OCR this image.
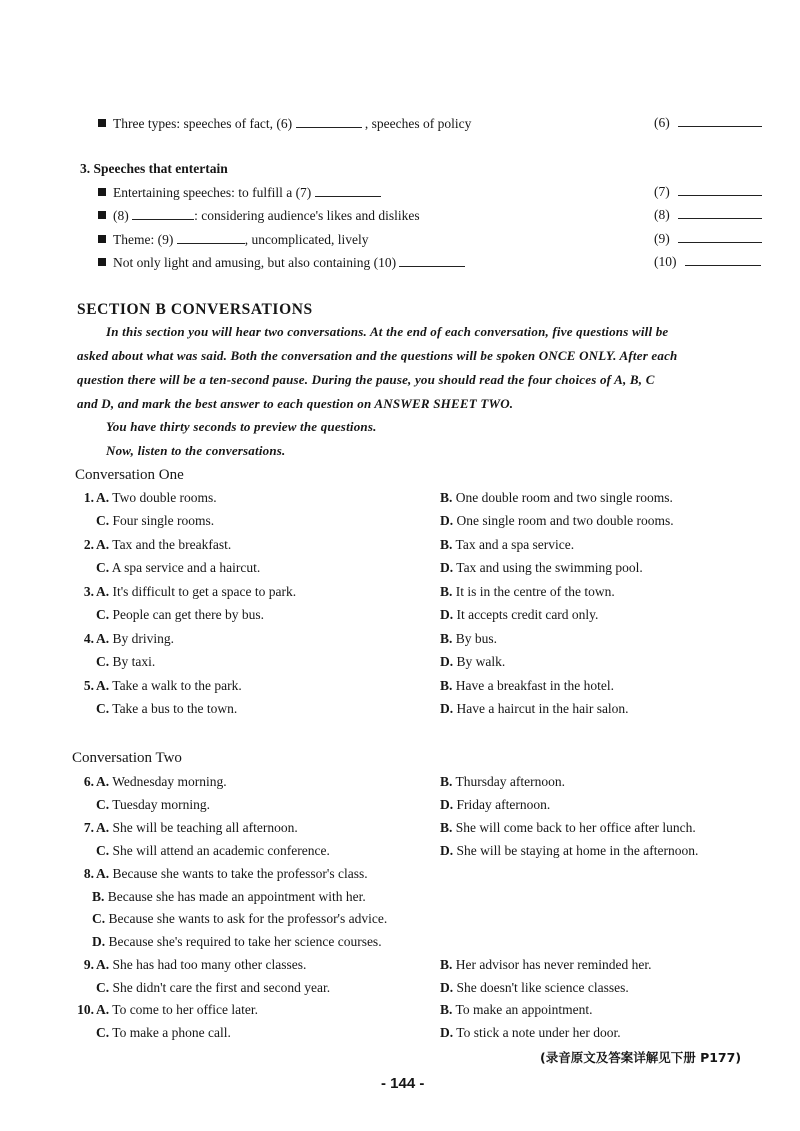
Three types: speeches of fact, (6)	, speeches of policy	(6)
3. Speeches that entertain
Entertaining speeches: to fulfill a (7)	(7)
(8)	: considering audience's likes and dislikes	(8)
Theme: (9)	, uncomplicated, lively	(9)
Not only light and amusing, but also containing (10)	(10)
SECTION B CONVERSATIONS
In this section you will hear two conversations. At the end of each conversation, five questions will be
asked about what was said. Both the conversation and the questions will be spoken ONCE ONLY. After each
question there will be a ten-second pause. During the pause, you should read the four choices of A, B, C
and D, and mark the best answer to each question on ANSWER SHEET TWO.
You have thirty seconds to preview the questions.
Now, listen to the conversations.
Conversation One
1. A. Two double rooms.	B. One double room and two single rooms.
C. Four single rooms.	D. One single room and two double rooms.
2. A. Tax and the breakfast.	B. Tax and a spa service.
C. A spa service and a haircut.	D. Tax and using the swimming pool.
3. A. It's difficult to get a space to park.	B. It is in the centre of the town.
C. People can get there by bus.	D. It accepts credit card only.
4. A. By driving.	B. By bus.
C. By taxi.	D. By walk.
5. A. Take a walk to the park.	B. Have a breakfast in the hotel.
C. Take a bus to the town.	D. Have a haircut in the hair salon.
Conversation Two
6. A. Wednesday morning.	B. Thursday afternoon.
C. Tuesday morning.	D. Friday afternoon.
7. A. She will be teaching all afternoon.	B. She will come back to her office after lunch.
C. She will attend an academic conference.	D. She will be staying at home in the afternoon.
8. A. Because she wants to take the professor's class.
B. Because she has made an appointment with her.
C. Because she wants to ask for the professor's advice.
D. Because she's required to take her science courses.
9. A. She has had too many other classes.	B. Her advisor has never reminded her.
C. She didn't care the first and second year.	D. She doesn't like science classes.
10. A. To come to her office later.	B. To make an appointment.
C. To make a phone call.	D. To stick a note under her door.
(录音原文及答案详解见下册 P177)
- 144 -
